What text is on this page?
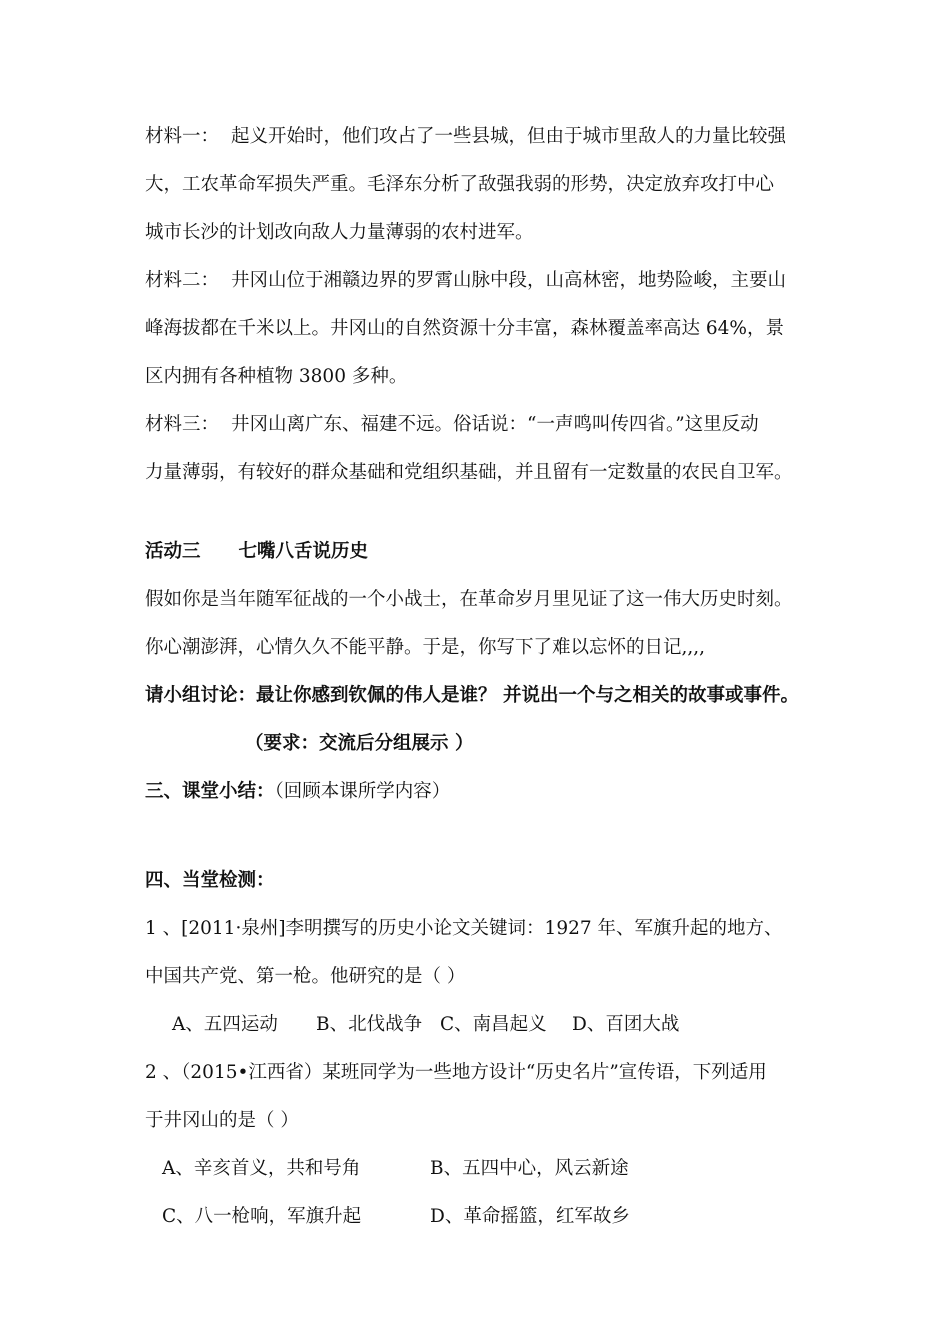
材料一： 起义开始时，他们攻占了一些县城，但由于城市里敌人的力量比较强
大，工农革命军损失严重。毛泽东分析了敌强我弱的形势，决定放弃攻打中心
城市长沙的计划改向敌人力量薄弱的农村进军。
材料二： 井冈山位于湘赣边界的罗霄山脉中段，山高林密，地势险峻，主要山
峰海拔都在千米以上。井冈山的自然资源十分丰富，森林覆盖率高达 64%，景
区内拥有各种植物 3800 多种。
材料三： 井冈山离广东、福建不远。俗话说：“一声鸣叫传四省。”这里反动
力量薄弱，有较好的群众基础和党组织基础，并且留有一定数量的农民自卫军。
活动三 七嘴八舌说历史
假如你是当年随军征战的一个小战士，在革命岁月里见证了这一伟大历史时刻。
你心潮澎湃，心情久久不能平静。于是，你写下了难以忘怀的日记,,,,
请小组讨论：最让你感到钦佩的伟人是谁？ 并说出一个与之相关的故事或事件。
（要求：交流后分组展示 ）
三、课堂小结：（回顾本课所学内容）
四、当堂检测：
1 、[2011·泉州]李明撰写的历史小论文关键词：1927 年、军旗升起的地方、
中国共产党、第一枪。他研究的是（ ）
A、五四运动 B、北伐战争 C、南昌起义 D、百团大战
2 、（2015•江西省）某班同学为一些地方设计“历史名片”宣传语，下列适用
于井冈山的是（ ）
A、辛亥首义，共和号角	B、五四中心，风云新途
C、八一枪响，军旗升起	D、革命摇篮，红军故乡
